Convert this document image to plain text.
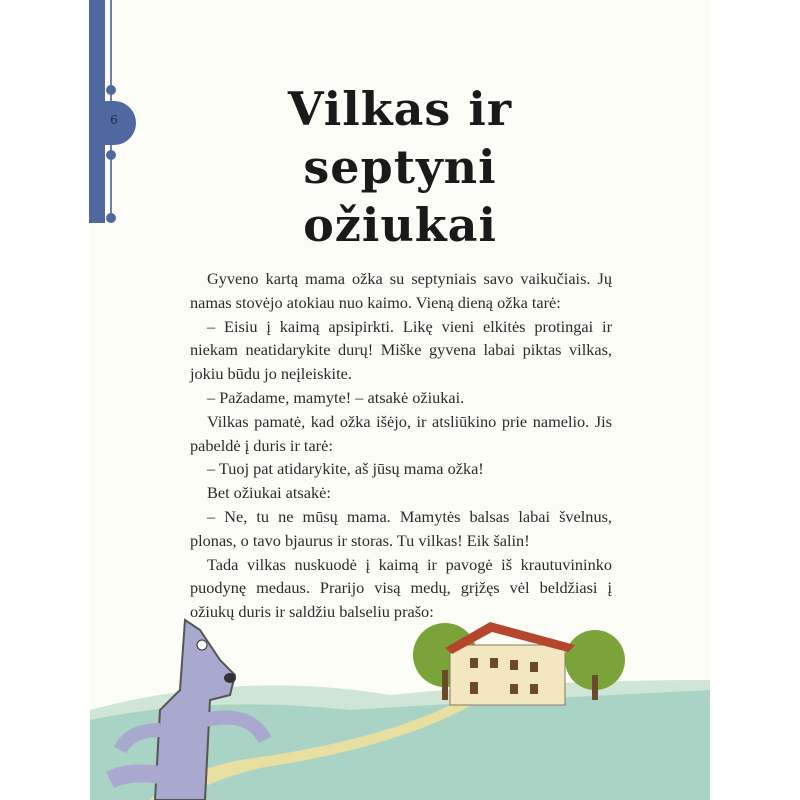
6	Vilkas ir septyni ožiukai

Gyveno kartą mama ožka su septyniais savo vaikučiais. Jų namas stovėjo atokiau nuo kaimo. Vieną dieną ožka tarė:

– Eisiu į kaimą apsipirkti. Likę vieni elkitės protingai ir niekam neatidarykite durų! Miške gyvena labai piktas vilkas, jokiu būdu jo neįleiskite.

– Pažadame, mamyte! – atsakė ožiukai.

Vilkas pamatė, kad ožka išėjo, ir atsliūkino prie namelio. Jis pabeldė į duris ir tarė:

– Tuoj pat atidarykite, aš jūsų mama ožka!

Bet ožiukai atsakė:

– Ne, tu ne mūsų mama. Mamytės balsas labai švelnus, plonas, o tavo bjaurus ir storas. Tu vilkas! Eik šalin!

Tada vilkas nuskuodė į kaimą ir pavogė iš krautuvininko puodynę medaus. Prarijo visą medų, grįžęs vėl beldžiasi į ožiukų duris ir saldžiu balseliu prašo:
